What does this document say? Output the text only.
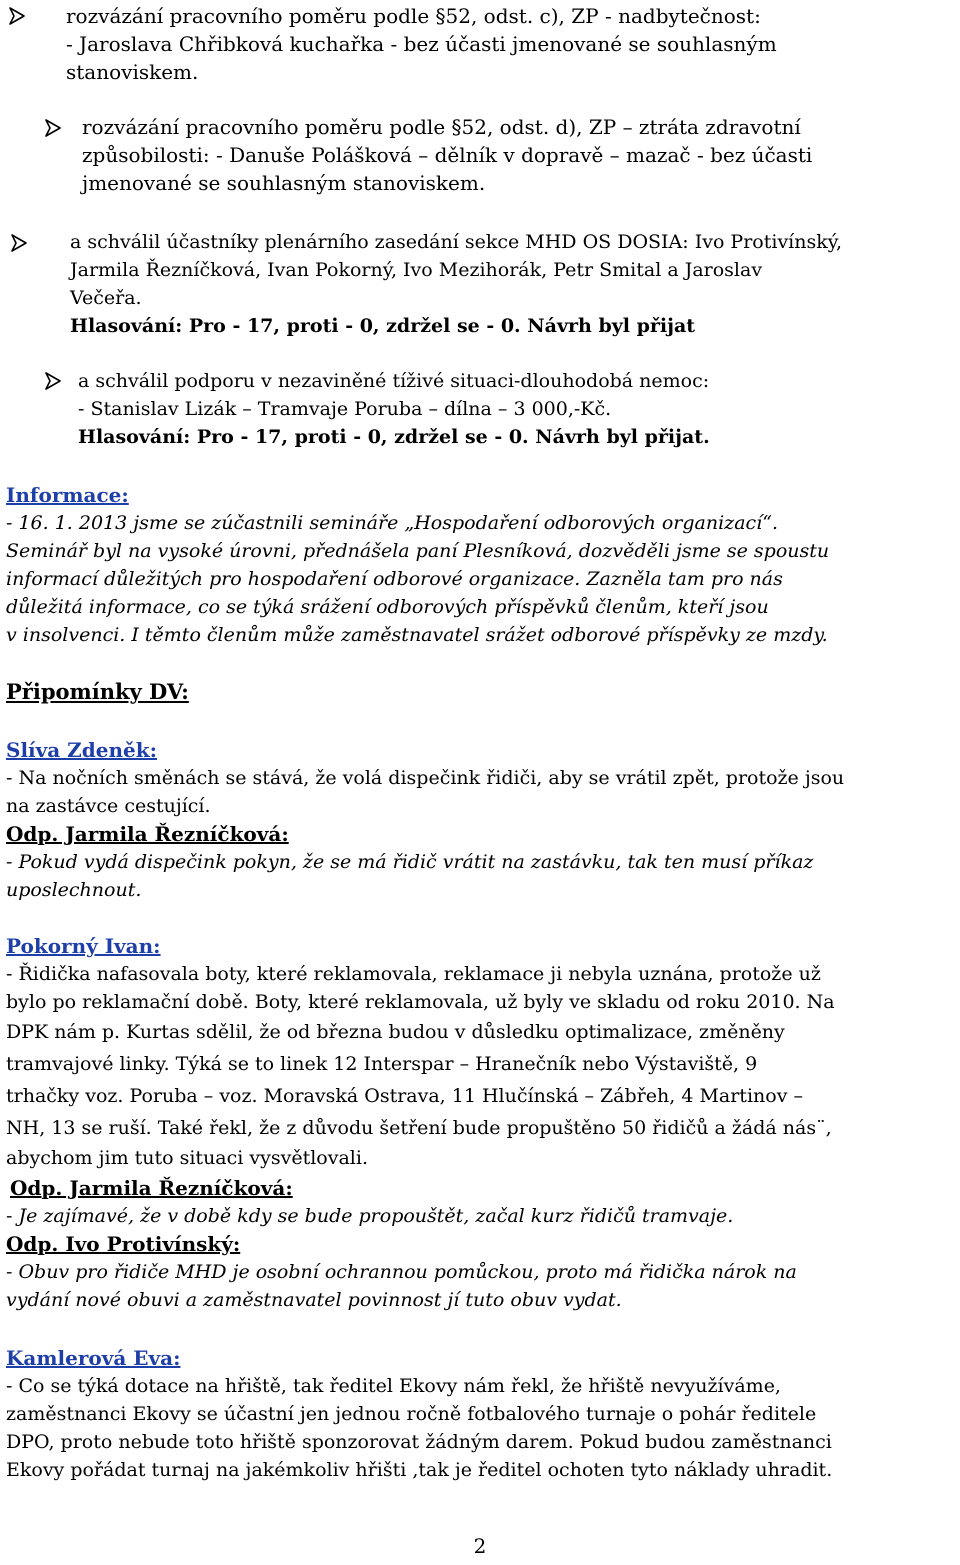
rozvázání pracovního poměru podle §52, odst. c), ZP - nadbytečnost:
- Jaroslava Chřibková kuchařka - bez účasti jmenované se souhlasným
stanoviskem.
rozvázání pracovního poměru podle §52, odst. d), ZP – ztráta zdravotní
způsobilosti: - Danuše Polášková – dělník v dopravě – mazač - bez účasti
jmenované se souhlasným stanoviskem.
a schválil účastníky plenárního zasedání sekce MHD OS DOSIA: Ivo Protivínský,
Jarmila Řezníčková, Ivan Pokorný, Ivo Mezihorák, Petr Smital a Jaroslav
Večeřa.
Hlasování: Pro - 17, proti - 0, zdržel se - 0. Návrh byl přijat
a schválil podporu v nezaviněné tíživé situaci-dlouhodobá nemoc:
- Stanislav Lizák – Tramvaje Poruba – dílna – 3 000,-Kč.
Hlasování: Pro - 17, proti - 0, zdržel se - 0. Návrh byl přijat.
Informace:
- 16. 1. 2013 jsme se zúčastnili semináře „Hospodaření odborových organizací“.
Seminář byl na vysoké úrovni, přednášela paní Plesníková, dozvěděli jsme se spoustu
informací důležitých pro hospodaření odborové organizace. Zazněla tam pro nás
důležitá informace, co se týká srážení odborových příspěvků členům, kteří jsou
v insolvenci. I těmto členům může zaměstnavatel srážet odborové příspěvky ze mzdy.
Připomínky DV:
Slíva Zdeněk:
- Na nočních směnách se stává, že volá dispečink řidiči, aby se vrátil zpět, protože jsou
na zastávce cestující.
Odp. Jarmila Řezníčková:
- Pokud vydá dispečink pokyn, že se má řidič vrátit na zastávku, tak ten musí příkaz
uposlechnout.
Pokorný Ivan:
- Řidička nafasovala boty, které reklamovala, reklamace ji nebyla uznána, protože už
bylo po reklamační době. Boty, které reklamovala, už byly ve skladu od roku 2010. Na
DPK nám p. Kurtas sdělil, že od března budou v důsledku optimalizace, změněny
tramvajové linky. Týká se to linek 12 Interspar – Hranečník nebo Výstaviště, 9
trhačky voz. Poruba – voz. Moravská Ostrava, 11 Hlučínská – Zábřeh, 4 Martinov –
NH, 13 se ruší. Také řekl, že z důvodu šetření bude propuštěno 50 řidičů a žádá nás¨,
abychom jim tuto situaci vysvětlovali.
Odp. Jarmila Řezníčková:
- Je zajímavé, že v době kdy se bude propouštět, začal kurz řidičů tramvaje.
Odp. Ivo Protivínský:
- Obuv pro řidiče MHD je osobní ochrannou pomůckou, proto má řidička nárok na
vydání nové obuvi a zaměstnavatel povinnost jí tuto obuv vydat.
Kamlerová Eva:
- Co se týká dotace na hřiště, tak ředitel Ekovy nám řekl, že hřiště nevyužíváme,
zaměstnanci Ekovy se účastní jen jednou ročně fotbalového turnaje o pohár ředitele
DPO, proto nebude toto hřiště sponzorovat žádným darem. Pokud budou zaměstnanci
Ekovy pořádat turnaj na jakémkoliv hřišti ,tak je ředitel ochoten tyto náklady uhradit.
2
